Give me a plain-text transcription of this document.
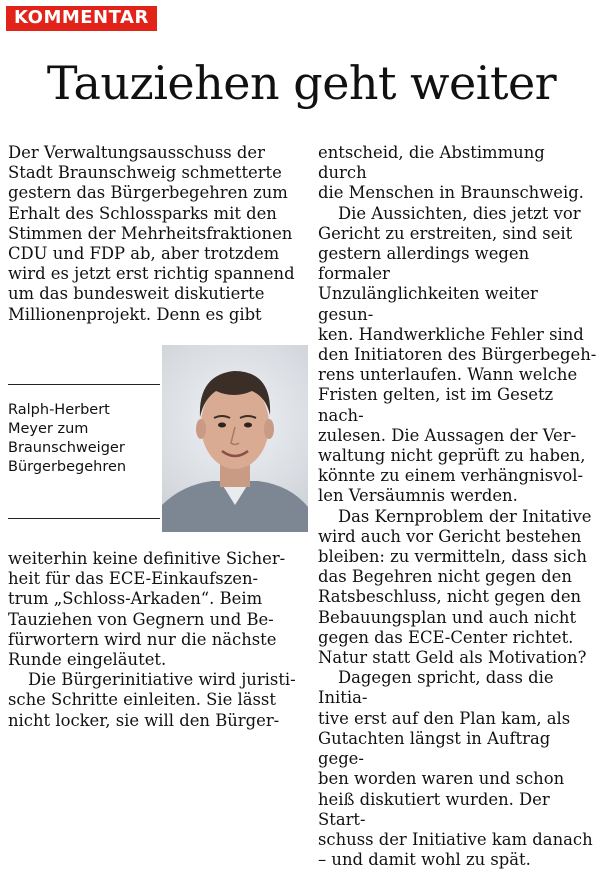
KOMMENTAR
Tauziehen geht weiter

Der Verwaltungsausschuss der

Stadt Braunschweig schmetterte

gestern das Bürgerbegehren zum

Erhalt des Schlossparks mit den

Stimmen der Mehrheitsfraktionen

CDU und FDP ab, aber trotzdem

wird es jetzt erst richtig spannend

um das bundesweit diskutierte

Millionenprojekt. Denn es gibt

Ralph-Herbert
Meyer zum
Braunschweiger
Bürgerbegehren

weiterhin keine definitive Sicher-

heit für das ECE-Einkaufszen-

trum „Schloss-Arkaden“. Beim

Tauziehen von Gegnern und Be-

fürwortern wird nur die nächste

Runde eingeläutet.

Die Bürgerinitiative wird juristi-

sche Schritte einleiten. Sie lässt

nicht locker, sie will den Bürger-

entscheid, die Abstimmung durch

die Menschen in Braunschweig.

Die Aussichten, dies jetzt vor

Gericht zu erstreiten, sind seit

gestern allerdings wegen formaler

Unzulänglichkeiten weiter gesun-

ken. Handwerkliche Fehler sind

den Initiatoren des Bürgerbegeh-

rens unterlaufen. Wann welche

Fristen gelten, ist im Gesetz nach-

zulesen. Die Aussagen der Ver-

waltung nicht geprüft zu haben,

könnte zu einem verhängnisvol-

len Versäumnis werden.

Das Kernproblem der Initative

wird auch vor Gericht bestehen

bleiben: zu vermitteln, dass sich

das Begehren nicht gegen den

Ratsbeschluss, nicht gegen den

Bebauungsplan und auch nicht

gegen das ECE-Center richtet.

Natur statt Geld als Motivation?

Dagegen spricht, dass die Initia-

tive erst auf den Plan kam, als

Gutachten längst in Auftrag gege-

ben worden waren und schon

heiß diskutiert wurden. Der Start-

schuss der Initiative kam danach

– und damit wohl zu spät.
